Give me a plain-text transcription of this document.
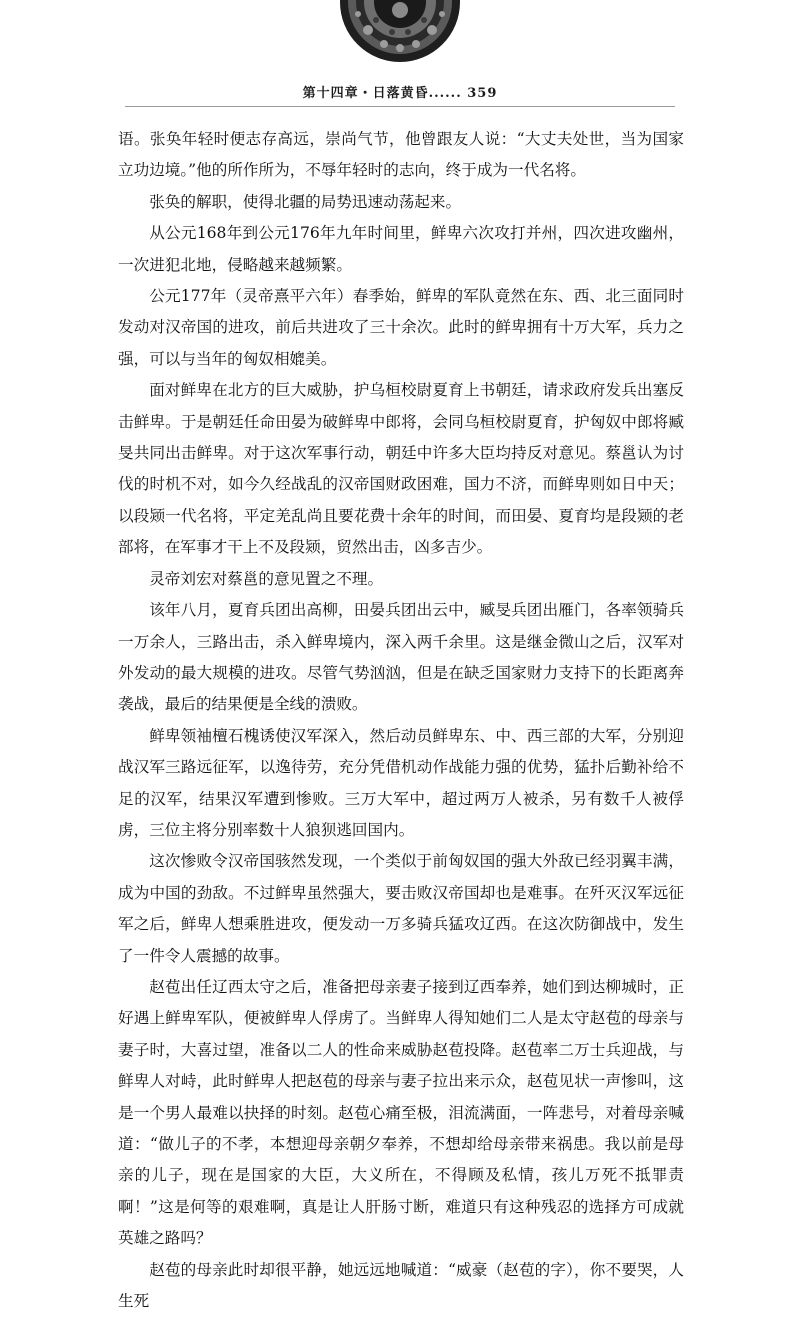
第十四章・日落黄昏...... 359

语。张奂年轻时便志存高远，崇尚气节，他曾跟友人说：“大丈夫处世，当为国家立功边境。”他的所作所为，不辱年轻时的志向，终于成为一代名将。

张奂的解职，使得北疆的局势迅速动荡起来。

从公元168年到公元176年九年时间里，鲜卑六次攻打并州，四次进攻幽州，一次进犯北地，侵略越来越频繁。

公元177年（灵帝熹平六年）春季始，鲜卑的军队竟然在东、西、北三面同时发动对汉帝国的进攻，前后共进攻了三十余次。此时的鲜卑拥有十万大军，兵力之强，可以与当年的匈奴相媲美。

面对鲜卑在北方的巨大威胁，护乌桓校尉夏育上书朝廷，请求政府发兵出塞反击鲜卑。于是朝廷任命田晏为破鲜卑中郎将，会同乌桓校尉夏育，护匈奴中郎将臧旻共同出击鲜卑。对于这次军事行动，朝廷中许多大臣均持反对意见。蔡邕认为讨伐的时机不对，如今久经战乱的汉帝国财政困难，国力不济，而鲜卑则如日中天；以段颎一代名将，平定羌乱尚且要花费十余年的时间，而田晏、夏育均是段颎的老部将，在军事才干上不及段颎，贸然出击，凶多吉少。

灵帝刘宏对蔡邕的意见置之不理。

该年八月，夏育兵团出高柳，田晏兵团出云中，臧旻兵团出雁门，各率领骑兵一万余人，三路出击，杀入鲜卑境内，深入两千余里。这是继金微山之后，汉军对外发动的最大规模的进攻。尽管气势汹汹，但是在缺乏国家财力支持下的长距离奔袭战，最后的结果便是全线的溃败。

鲜卑领袖檀石槐诱使汉军深入，然后动员鲜卑东、中、西三部的大军，分别迎战汉军三路远征军，以逸待劳，充分凭借机动作战能力强的优势，猛扑后勤补给不足的汉军，结果汉军遭到惨败。三万大军中，超过两万人被杀，另有数千人被俘虏，三位主将分别率数十人狼狈逃回国内。

这次惨败令汉帝国骇然发现，一个类似于前匈奴国的强大外敌已经羽翼丰满，成为中国的劲敌。不过鲜卑虽然强大，要击败汉帝国却也是难事。在歼灭汉军远征军之后，鲜卑人想乘胜进攻，便发动一万多骑兵猛攻辽西。在这次防御战中，发生了一件令人震撼的故事。

赵苞出任辽西太守之后，准备把母亲妻子接到辽西奉养，她们到达柳城时，正好遇上鲜卑军队，便被鲜卑人俘虏了。当鲜卑人得知她们二人是太守赵苞的母亲与妻子时，大喜过望，准备以二人的性命来威胁赵苞投降。赵苞率二万士兵迎战，与鲜卑人对峙，此时鲜卑人把赵苞的母亲与妻子拉出来示众，赵苞见状一声惨叫，这是一个男人最难以抉择的时刻。赵苞心痛至极，泪流满面，一阵悲号，对着母亲喊道：“做儿子的不孝，本想迎母亲朝夕奉养，不想却给母亲带来祸患。我以前是母亲的儿子，现在是国家的大臣，大义所在，不得顾及私情，孩儿万死不抵罪责啊！”这是何等的艰难啊，真是让人肝肠寸断，难道只有这种残忍的选择方可成就英雄之路吗？

赵苞的母亲此时却很平静，她远远地喊道：“威豪（赵苞的字），你不要哭，人生死
